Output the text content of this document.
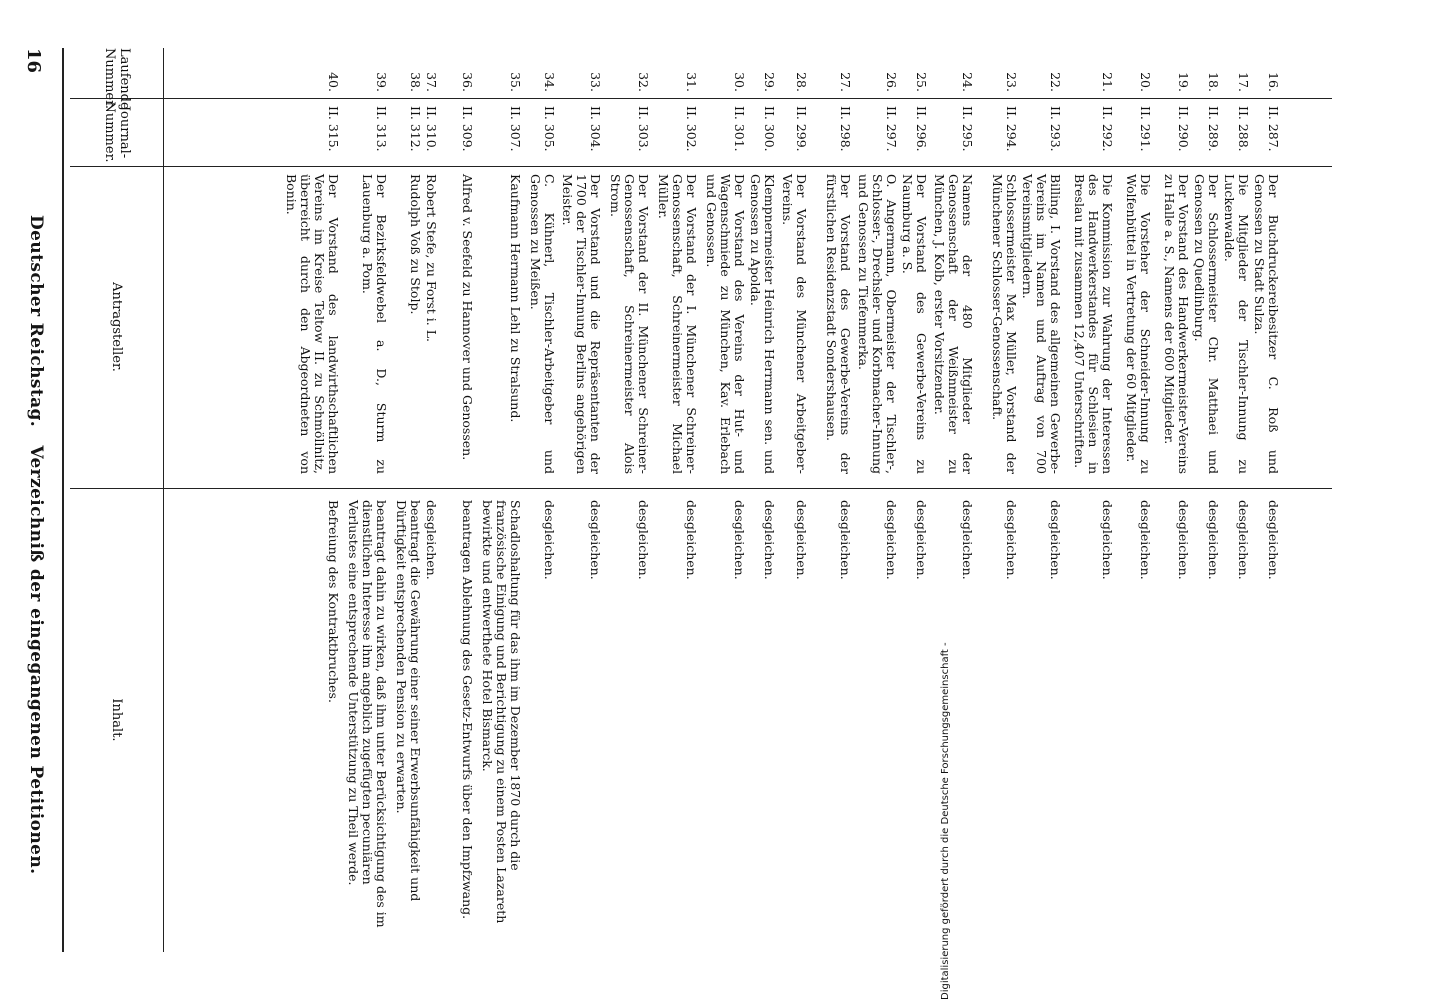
16
Deutscher Reichstag. Verzeichniß der eingegangenen Petitionen.
Laufende
Nummer.
Journal-
Nummer.
Antragsteller.
Inhalt.
16.
II. 287.
Der Buchdruckereibesitzer C. Roß und Genossen zu Stadt Sulza.
desgleichen.
17.
II. 288.
Die Mitglieder der Tischler-Innung zu Luckenwalde.
desgleichen.
18.
II. 289.
Der Schlossermeister Chr. Matthaei und Genossen zu Quedlinburg.
desgleichen.
19.
II. 290.
Der Vorstand des Handwerkermeister-Vereins zu Halle a. S., Namens der 600 Mitglieder.
desgleichen.
20.
II. 291.
Die Vorsteher der Schneider-Innung zu Wolfenbüttel in Vertretung der 60 Mitglieder.
desgleichen.
21.
II. 292.
Die Kommission zur Wahrung der Interessen des Handwerkerstandes für Schlesien in Breslau mit zusammen 12,407 Unterschriften.
desgleichen.
22.
II. 293.
Billing, I. Vorstand des allgemeinen Gewerbe-Vereins im Namen und Auftrag von 700 Vereinsmitgliedern.
desgleichen.
23.
II. 294.
Schlossermeister Max Müller, Vorstand der Münchener Schlosser-Genossenschaft.
desgleichen.
24.
II. 295.
Namens der 480 Mitglieder der Genossenschaft der Weißnmeister zu München, J. Kolb, erster Vorsitzender.
desgleichen.
25.
II. 296.
Der Vorstand des Gewerbe-Vereins zu Naumburg a. S.
desgleichen.
26.
II. 297.
O. Angermann, Obermeister der Tischler-, Schlosser-, Drechsler- und Korbmacher-Innung und Genossen zu Tiefenmerka.
desgleichen.
27.
II. 298.
Der Vorstand des Gewerbe-Vereins der fürstlichen Residenzstadt Sondershausen.
desgleichen.
28.
II. 299.
Der Vorstand des Münchener Arbeitgeber-Vereins.
desgleichen.
29.
II. 300.
Klempnermeister Heinrich Herrmann sen. und Genossen zu Apolda.
desgleichen.
30.
II. 301.
Der Vorstand des Vereins der Hut- und Wagenschmiede zu München, Kav. Erlebach und Genossen.
desgleichen.
31.
II. 302.
Der Vorstand der I. Münchener Schreiner-Genossenschaft, Schreinermeister Michael Müller.
desgleichen.
32.
II. 303.
Der Vorstand der II. Münchener Schreiner-Genossenschaft, Schreinermeister Alois Strom.
desgleichen.
33.
II. 304.
Der Vorstand und die Repräsentanten der 1700 der Tischler-Innung Berlins angehörigen Meister.
desgleichen.
34.
II. 305.
C. Kühnerl, Tischler-Arbeitgeber und Genossen zu Meißen.
desgleichen.
35.
II. 307.
Kaufmann Hermann Lehl zu Stralsund.
Schadloshaltung für das ihm im Dezember 1870 durch die französische Einigung und Berichtigung zu einem Posten Lazareth bewirkte und entwerthete Hotel Bismarck.
36.
II. 309.
Alfred v. Seefeld zu Hannover und Genossen.
beantragen Ablehnung des Gesetz-Entwurfs über den Impfzwang.
37.
II. 310.
Robert Stefe, zu Forst i. L.
desgleichen.
38.
II. 312.
Rudolph Voß zu Stolp.
beantragt die Gewährung einer seiner Erwerbsunfähigkeit und Dürftigkeit entsprechenden Pension zu erwarten.
39.
II. 313.
Der Bezirksfeldwebel a. D., Sturm zu Lauenburg a. Pom.
beantragt dahin zu wirken, daß ihm unter Berücksichtigung des im dienstlichen Interesse ihm angeblich zugefügten pecuniären Verlustes eine entsprechende Unterstützung zu Theil werde.
40.
II. 315.
Der Vorstand des landwirthschaftlichen Vereins im Kreise Teltow II. zu Schmöllnitz, überreicht durch den Abgeordneten von Bonin.
Befreiung des Kontraktbruches.
Digitalisierung gefördert durch die Deutsche Forschungsgemeinschaft -
